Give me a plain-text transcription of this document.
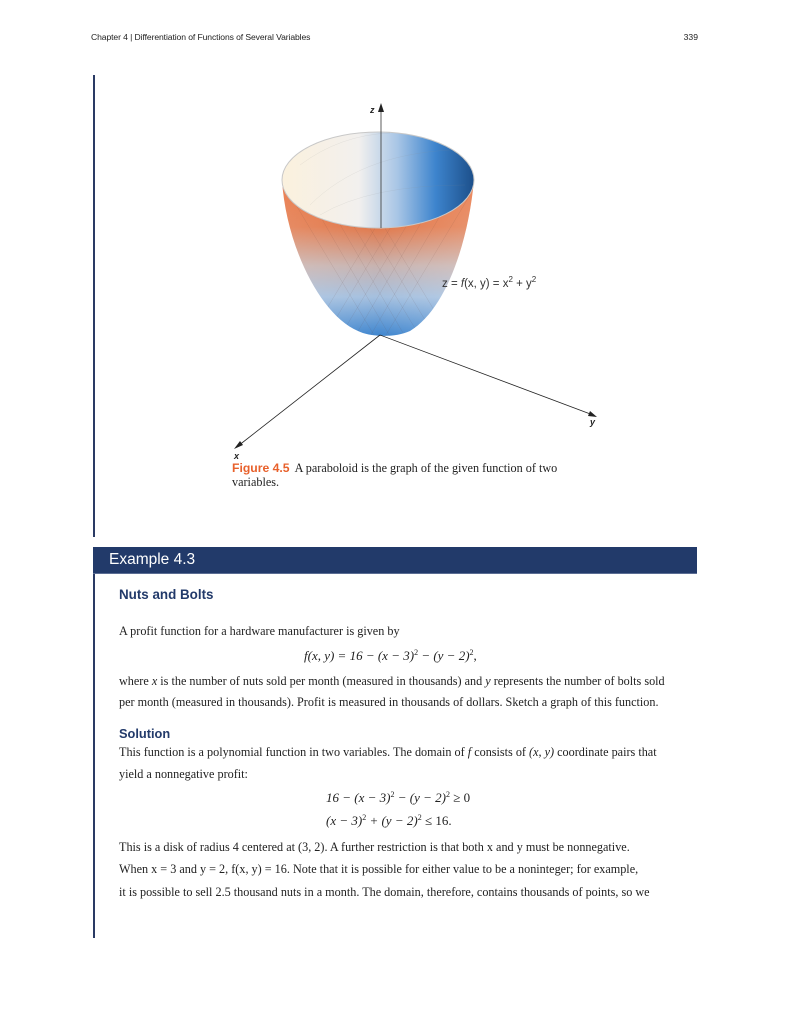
Chapter 4 | Differentiation of Functions of Several Variables	339
z
x
y
z = f(x, $y) = x^2 + y^2$
Figure 4.5 A paraboloid is the graph of the given function of two variables.
Example 4.3
Nuts and Bolts
A profit function for a hardware manufacturer is given by
f(x, $y) = 16 - (x - 3)^2 - (y - 2)^2$,
where x is the number of nuts sold per month (measured in thousands) and y represents the number of bolts sold
per month (measured in thousands). Profit is measured in thousands of dollars. Sketch a graph of this function.
Solution
This function is a polynomial function in two variables. The domain of f consists of (x, y) coordinate pairs that
yield a nonnegative profit:
$16 - (x - 3)^2 - (y - 2)^2 \ge 0$
$(x - 3)^2 + (y - 2)^2 \le 16$.
This is a disk of radius 4 centered at (3, 2). A further restriction is that both x and y must be nonnegative.
When x = 3 and y = 2, f(x, y) = 16. Note that it is possible for either value to be a noninteger; for example,
it is possible to sell 2.5 thousand nuts in a month. The domain, therefore, contains thousands of points, so we
